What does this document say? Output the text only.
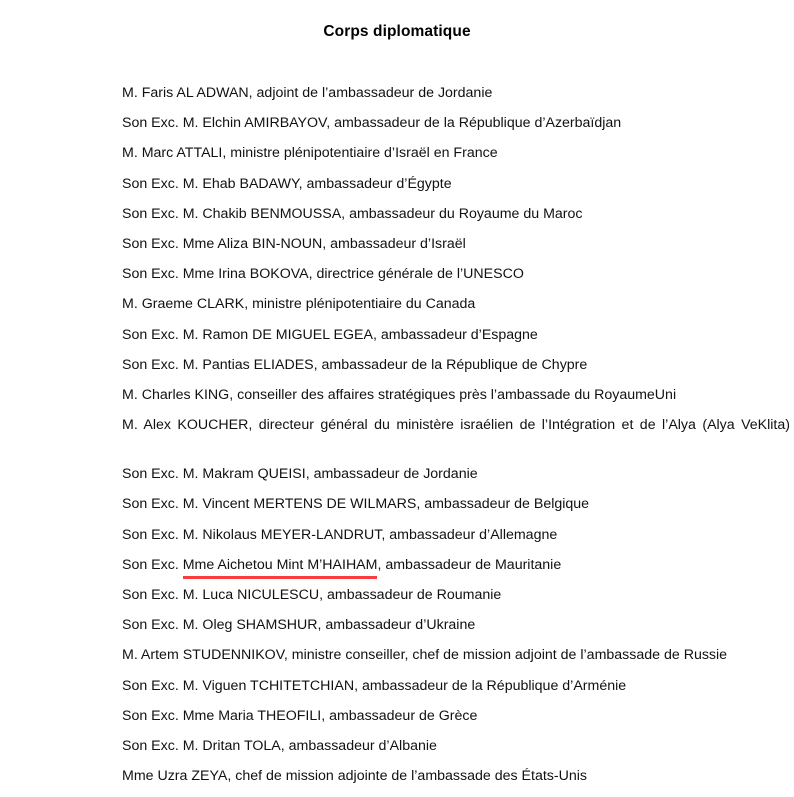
Corps diplomatique
M. Faris AL ADWAN, adjoint de l’ambassadeur de Jordanie
Son Exc. M. Elchin AMIRBAYOV, ambassadeur de la République d’Azerbaïdjan
M. Marc ATTALI, ministre plénipotentiaire d’Israël en France
Son Exc. M. Ehab BADAWY, ambassadeur d’Égypte
Son Exc. M. Chakib BENMOUSSA, ambassadeur du Royaume du Maroc
Son Exc. Mme Aliza BIN-NOUN, ambassadeur d’Israël
Son Exc. Mme Irina BOKOVA, directrice générale de l’UNESCO
M. Graeme CLARK, ministre plénipotentiaire du Canada
Son Exc. M. Ramon DE MIGUEL EGEA, ambassadeur d’Espagne
Son Exc. M. Pantias ELIADES, ambassadeur de la République de Chypre
M. Charles KING, conseiller des affaires stratégiques près l’ambassade du RoyaumeUni
M. Alex KOUCHER, directeur général du ministère israélien de l’Intégration et de l’Alya (Alya VeKlita)
Son Exc. M. Makram QUEISI, ambassadeur de Jordanie
Son Exc. M. Vincent MERTENS DE WILMARS, ambassadeur de Belgique
Son Exc. M. Nikolaus MEYER-LANDRUT, ambassadeur d’Allemagne
Son Exc. Mme Aichetou Mint M’HAIHAM, ambassadeur de Mauritanie
Son Exc. M. Luca NICULESCU, ambassadeur de Roumanie
Son Exc. M. Oleg SHAMSHUR, ambassadeur d’Ukraine
M. Artem STUDENNIKOV, ministre conseiller, chef de mission adjoint de l’ambassade de Russie
Son Exc. M. Viguen TCHITETCHIAN, ambassadeur de la République d’Arménie
Son Exc. Mme Maria THEOFILI, ambassadeur de Grèce
Son Exc. M. Dritan TOLA, ambassadeur d’Albanie
Mme Uzra ZEYA, chef de mission adjointe de l’ambassade des États-Unis
